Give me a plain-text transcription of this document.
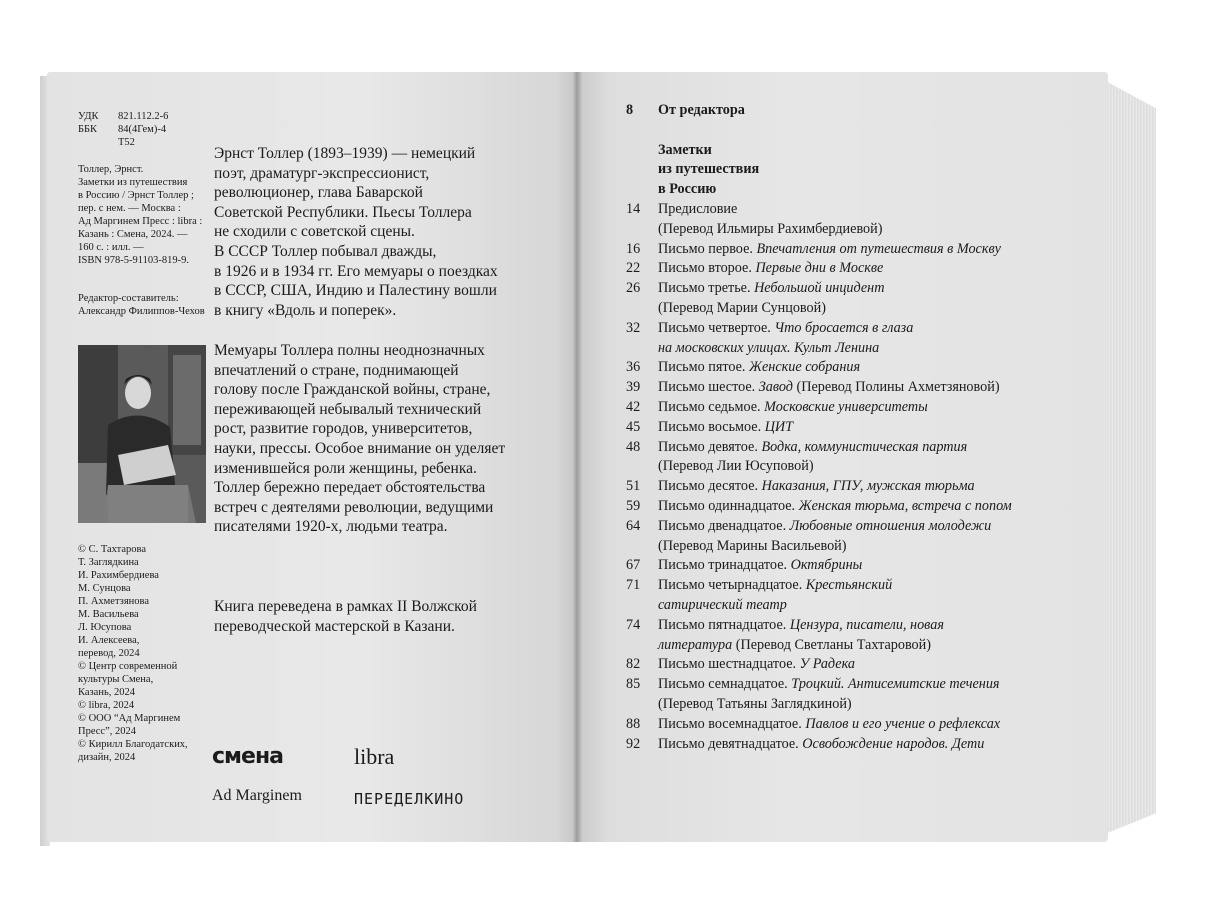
УДК	821.112.2-6
ББК	84(4Гем)-4
Т52
Толлер, Эрнст.
Заметки из путешествия
в Россию / Эрнст Толлер ;
пер. с нем. — Москва :
Ад Маргинем Пресс : libra :
Казань : Смена, 2024. —
160 с. : илл. —
ISBN 978-5-91103-819-9.
Редактор-составитель:
Александр Филиппов-Чехов
Эрнст Толлер (1893–1939) — немецкий
поэт, драматург-экспрессионист,
революционер, глава Баварской
Советской Республики. Пьесы Толлера
не сходили с советской сцены.
В СССР Толлер побывал дважды,
в 1926 и в 1934 гг. Его мемуары о поездках
в СССР, США, Индию и Палестину вошли
в книгу «Вдоль и поперек».
Мемуары Толлера полны неоднозначных
впечатлений о стране, поднимающей
голову после Гражданской войны, стране,
переживающей небывалый технический
рост, развитие городов, университетов,
науки, прессы. Особое внимание он уделяет
изменившейся роли женщины, ребенка.
Толлер бережно передает обстоятельства
встреч с деятелями революции, ведущими
писателями 1920-х, людьми театра.
Книга переведена в рамках II Волжской
переводческой мастерской в Казани.
© С. Тахтарова
Т. Заглядкина
И. Рахимбердиева
М. Сунцова
П. Ахметзянова
М. Васильева
Л. Юсупова
И. Алексеева,
перевод, 2024
© Центр современной
культуры Смена,
Казань, 2024
© libra, 2024
© ООО “Ад Маргинем
Пресс”, 2024
© Кирилл Благодатских,
дизайн, 2024	смена	libra
Ad Marginem	ПЕРЕДЕЛКИНО
8	От редактора
Заметки
из путешествия
в Россию
14	Предисловие
(Перевод Ильмиры Рахимбердиевой)
16	Письмо первое. Впечатления от путешествия в Москву
22	Письмо второе. Первые дни в Москве
26	Письмо третье. Небольшой инцидент
(Перевод Марии Сунцовой)
32	Письмо четвертое. Что бросается в глаза
на московских улицах. Культ Ленина
36	Письмо пятое. Женские собрания
39	Письмо шестое. Завод (Перевод Полины Ахметзяновой)
42	Письмо седьмое. Московские университеты
45	Письмо восьмое. ЦИТ
48	Письмо девятое. Водка, коммунистическая партия
(Перевод Лии Юсуповой)
51	Письмо десятое. Наказания, ГПУ, мужская тюрьма
59	Письмо одиннадцатое. Женская тюрьма, встреча с попом
64	Письмо двенадцатое. Любовные отношения молодежи
(Перевод Марины Васильевой)
67	Письмо тринадцатое. Октябрины
71	Письмо четырнадцатое. Крестьянский
сатирический театр
74	Письмо пятнадцатое. Цензура, писатели, новая
литература (Перевод Светланы Тахтаровой)
82	Письмо шестнадцатое. У Радека
85	Письмо семнадцатое. Троцкий. Антисемитские течения
(Перевод Татьяны Заглядкиной)
88	Письмо восемнадцатое. Павлов и его учение о рефлексах
92	Письмо девятнадцатое. Освобождение народов. Дети
